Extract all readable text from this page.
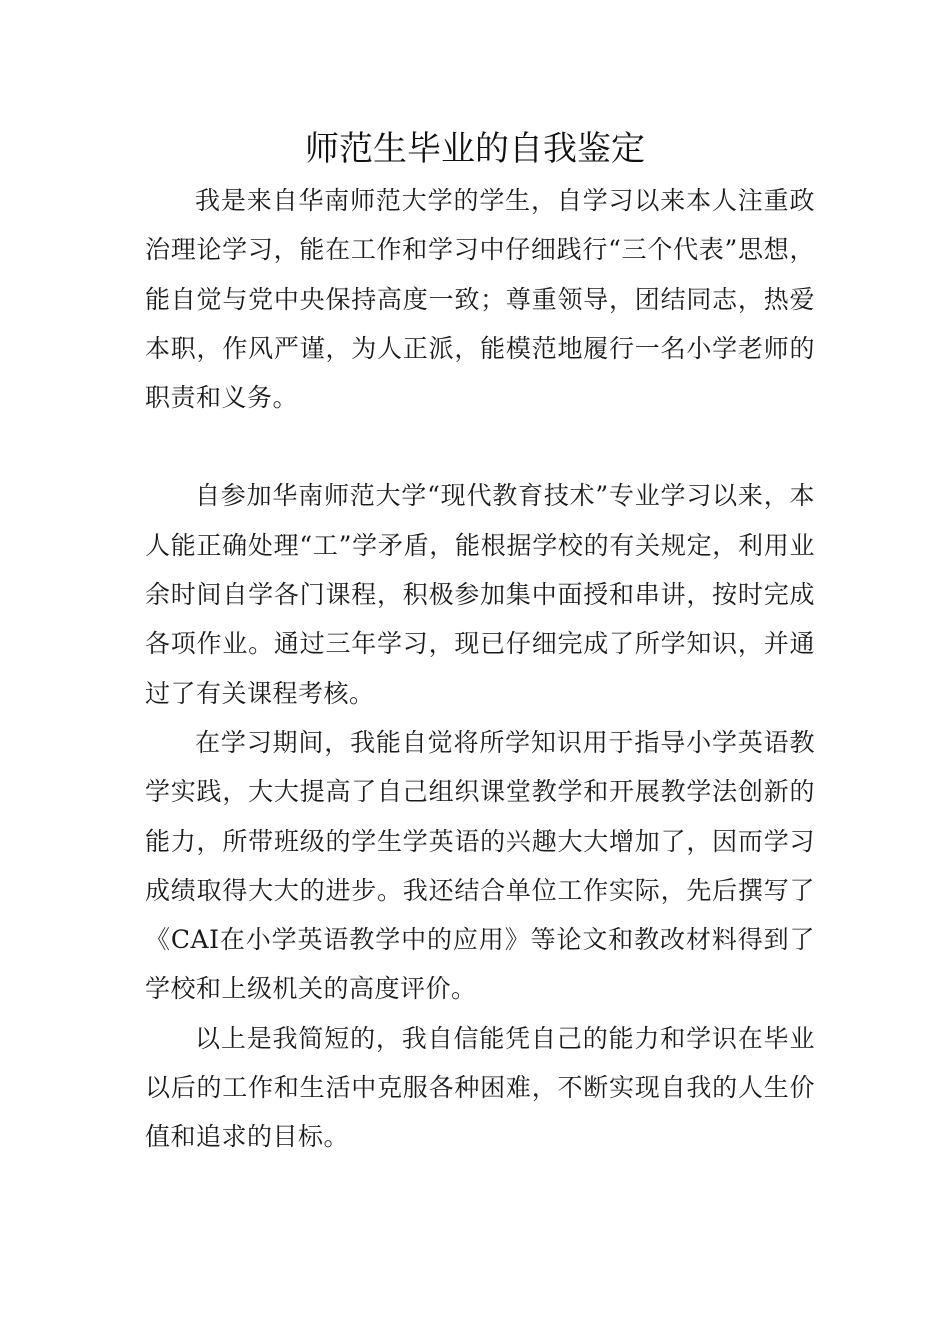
师范生毕业的自我鉴定

我是来自华南师范大学的学生，自学习以来本人注重政治理论学习，能在工作和学习中仔细践行“三个代表”思想，能自觉与党中央保持高度一致；尊重领导，团结同志，热爱本职，作风严谨，为人正派，能模范地履行一名小学老师的职责和义务。

自参加华南师范大学“现代教育技术”专业学习以来，本人能正确处理“工”学矛盾，能根据学校的有关规定，利用业余时间自学各门课程，积极参加集中面授和串讲，按时完成各项作业。通过三年学习，现已仔细完成了所学知识，并通过了有关课程考核。

在学习期间，我能自觉将所学知识用于指导小学英语教学实践，大大提高了自己组织课堂教学和开展教学法创新的能力，所带班级的学生学英语的兴趣大大增加了，因而学习成绩取得大大的进步。我还结合单位工作实际，先后撰写了《CAI在小学英语教学中的应用》等论文和教改材料得到了学校和上级机关的高度评价。

以上是我简短的，我自信能凭自己的能力和学识在毕业以后的工作和生活中克服各种困难，不断实现自我的人生价值和追求的目标。
